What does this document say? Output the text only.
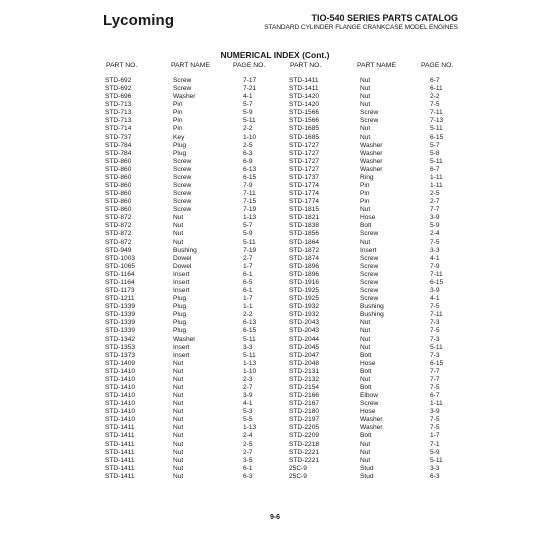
Lycoming	TIO-540 SERIES PARTS CATALOG
STANDARD CYLINDER FLANGE CRANKCASE MODEL ENGINES
NUMERICAL INDEX (Cont.)
PART NO.	PART NAME	PAGE NO.	PART NO.	PART NAME	PAGE NO.
STD-692	Screw	7-17	STD-1411	Nut	6-7
STD-692	Screw	7-21	STD-1411	Nut	6-11
STD-696	Washer	4-1	STD-1420	Nut	2-2
STD-713	Pin	5-7	STD-1420	Nut	7-5
STD-713	Pin	5-9	STD-1566	Screw	7-11
STD-713	Pin	5-11	STD-1566	Screw	7-13
STD-714	Pin	2-2	STD-1685	Nut	5-11
STD-737	Key	1-10	STD-1685	Nut	6-15
STD-784	Plug	2-5	STD-1727	Washer	5-7
STD-784	Plug	6-3	STD-1727	Washer	5-8
STD-860	Screw	6-9	STD-1727	Washer	5-11
STD-860	Screw	6-13	STD-1727	Washer	6-7
STD-860	Screw	6-15	STD-1737	Ring	1-11
STD-860	Screw	7-9	STD-1774	Pin	1-11
STD-860	Screw	7-11	STD-1774	Pin	2-5
STD-860	Screw	7-15	STD-1774	Pin	2-7
STD-860	Screw	7-19	STD-1815	Nut	7-7
STD-872	Nut	1-13	STD-1821	Hose	3-9
STD-872	Nut	5-7	STD-1838	Bolt	5-9
STD-872	Nut	5-9	STD-1856	Screw	2-4
STD-872	Nut	5-11	STD-1864	Nut	7-5
STD-949	Bushing	7-19	STD-1872	Insert	3-3
STD-1003	Dowel	2-7	STD-1874	Screw	4-1
STD-1065	Dowel	1-7	STD-1896	Screw	7-9
STD-1164	Insert	6-1	STD-1896	Screw	7-11
STD-1164	Insert	6-5	STD-1916	Screw	6-15
STD-1173	Insert	6-1	STD-1925	Screw	3-9
STD-1211	Plug	1-7	STD-1925	Screw	4-1
STD-1339	Plug	1-1	STD-1932	Bushing	7-5
STD-1339	Plug	2-2	STD-1932	Bushing	7-11
STD-1339	Plug	6-13	STD-2043	Nut	7-3
STD-1339	Plug	6-15	STD-2043	Nut	7-5
STD-1342	Washer	5-11	STD-2044	Nut	7-3
STD-1353	Insert	3-3	STD-2045	Nut	5-11
STD-1373	Insert	5-11	STD-2047	Bolt	7-3
STD-1409	Nut	1-13	STD-2048	Hose	6-15
STD-1410	Nut	1-10	STD-2131	Bolt	7-7
STD-1410	Nut	2-3	STD-2132	Nut	7-7
STD-1410	Nut	2-7	STD-2154	Bolt	7-5
STD-1410	Nut	3-9	STD-2166	Elbow	6-7
STD-1410	Nut	4-1	STD-2167	Screw	1-11
STD-1410	Nut	5-3	STD-2180	Hose	3-9
STD-1410	Nut	5-5	STD-2197	Washer	7-5
STD-1411	Nut	1-13	STD-2205	Washer	7-5
STD-1411	Nut	2-4	STD-2209	Bolt	1-7
STD-1411	Nut	2-5	STD-2218	Nut	7-1
STD-1411	Nut	2-7	STD-2221	Nut	5-9
STD-1411	Nut	3-5	STD-2221	Nut	5-11
STD-1411	Nut	6-1	25C-9	Stud	3-3
STD-1411	Nut	6-3	25C-9	Stud	6-3
9-6
